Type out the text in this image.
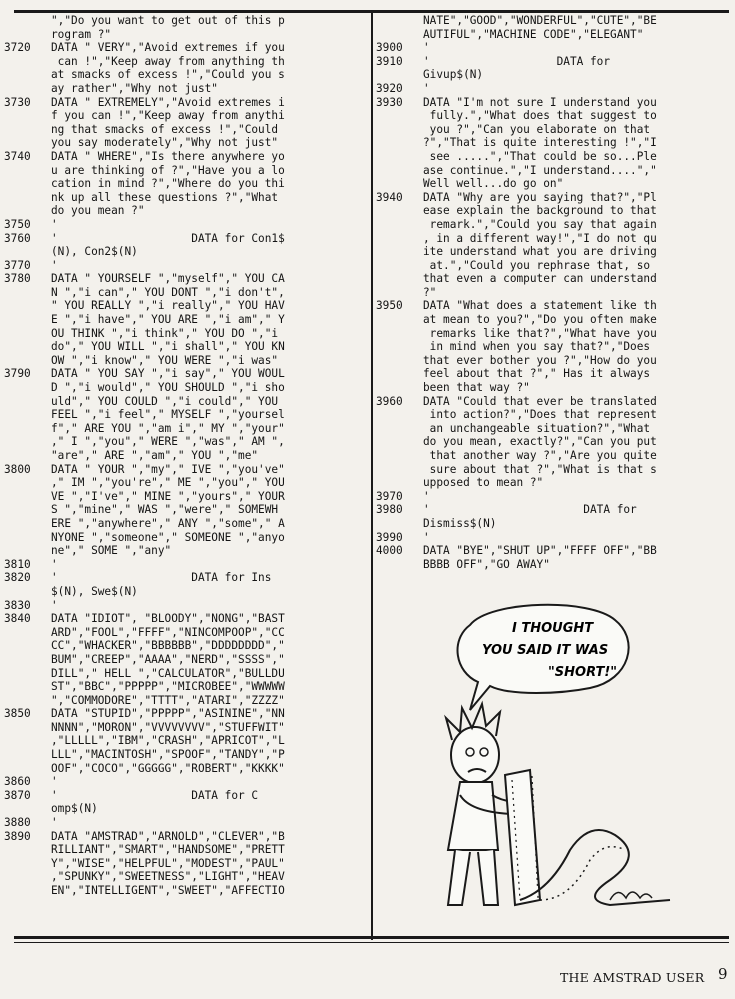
","Do you want to get out of this p
rogram ?"
3720	DATA " VERY","Avoid extremes if you
can !","Keep away from anything th
at smacks of excess !","Could you s
ay rather","Why not just"
3730	DATA " EXTREMELY","Avoid extremes i
f you can !","Keep away from anythi
ng that smacks of excess !","Could
you say moderately","Why not just"
3740	DATA " WHERE","Is there anywhere yo
u are thinking of ?","Have you a lo
cation in mind ?","Where do you thi
nk up all these questions ?","What
do you mean ?"
3750	'
3760	'                    DATA for Con1$
(N), Con2$(N)
3770	'
3780	DATA " YOURSELF ","myself"," YOU CA
N ","i can"," YOU DONT ","i don't",
" YOU REALLY ","i really"," YOU HAV
E ","i have"," YOU ARE ","i am"," Y
OU THINK ","i think"," YOU DO ","i
do"," YOU WILL ","i shall"," YOU KN
OW ","i know"," YOU WERE ","i was"
3790	DATA " YOU SAY ","i say"," YOU WOUL
D ","i would"," YOU SHOULD ","i sho
uld"," YOU COULD ","i could"," YOU
FEEL ","i feel"," MYSELF ","yoursel
f"," ARE YOU ","am i"," MY ","your"
," I ","you"," WERE ","was"," AM ",
"are"," ARE ","am"," YOU ","me"
3800	DATA " YOUR ","my"," IVE ","you've"
," IM ","you're"," ME ","you"," YOU
VE ","I've"," MINE ","yours"," YOUR
S ","mine"," WAS ","were"," SOMEWH
ERE ","anywhere"," ANY ","some"," A
NYONE ","someone"," SOMEONE ","anyo
ne"," SOME ","any"
3810	'
3820	'                    DATA for Ins
$(N), Swe$(N)
3830	'
3840	DATA "IDIOT", "BLOODY","NONG","BAST
ARD","FOOL","FFFF","NINCOMPOOP","CC
CC","WHACKER","BBBBBB","DDDDDDDD","
BUM","CREEP","AAAA","NERD","SSSS","
DILL"," HELL ","CALCULATOR","BULLDU
ST","BBC","PPPPP","MICROBEE","WWWWW
","COMMODORE","TTTT","ATARI","ZZZZ"
3850	DATA "STUPID","PPPPP","ASININE","NN
NNNN","MORON","VVVVVVVV","STUFFWIT"
,"LLLLL","IBM","CRASH","APRICOT","L
LLL","MACINTOSH","SPOOF","TANDY","P
OOF","COCO","GGGGG","ROBERT","KKKK"
3860	'
3870	'                    DATA for C
omp$(N)
3880	'
3890	DATA "AMSTRAD","ARNOLD","CLEVER","B
RILLIANT","SMART","HANDSOME","PRETT
Y","WISE","HELPFUL","MODEST","PAUL"
,"SPUNKY","SWEETNESS","LIGHT","HEAV
EN","INTELLIGENT","SWEET","AFFECTIO
NATE","GOOD","WONDERFUL","CUTE","BE
AUTIFUL","MACHINE CODE","ELEGANT"
3900	'
3910	'                   DATA for
Givup$(N)
3920	'
3930	DATA "I'm not sure I understand you
fully.","What does that suggest to
you ?","Can you elaborate on that
?","That is quite interesting !","I
see .....","That could be so...Ple
ase continue.","I understand....","
Well well...do go on"
3940	DATA "Why are you saying that?","Pl
ease explain the background to that
remark.","Could you say that again
, in a different way!","I do not qu
ite understand what you are driving
at.","Could you rephrase that, so
that even a computer can understand
?"
3950	DATA "What does a statement like th
at mean to you?","Do you often make
remarks like that?","What have you
in mind when you say that?","Does
that ever bother you ?","How do you
feel about that ?"," Has it always
been that way ?"
3960	DATA "Could that ever be translated
into action?","Does that represent
an unchangeable situation?","What
do you mean, exactly?","Can you put
that another way ?","Are you quite
sure about that ?","What is that s
upposed to mean ?"
3970	'
3980	'                       DATA for
Dismiss$(N)
3990	'
4000	DATA "BYE","SHUT UP","FFFF OFF","BB
BBBB OFF","GO AWAY"
I THOUGHT
YOU SAID IT WAS
"SHORT!"
THE AMSTRAD USER 9
